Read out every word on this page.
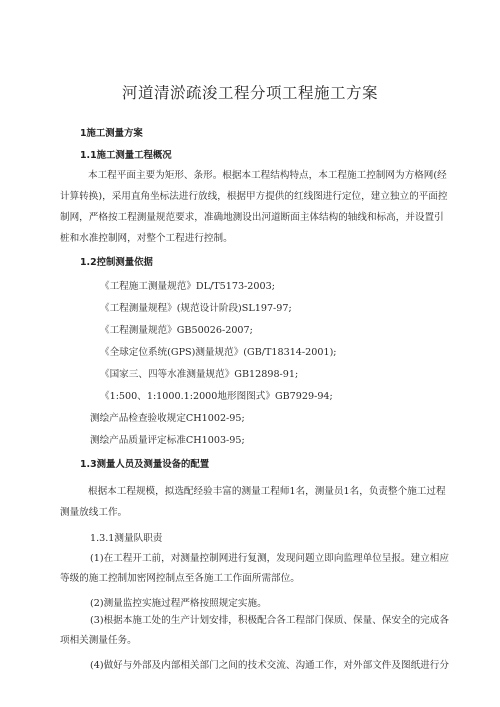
河道清淤疏浚工程分项工程施工方案
1施工测量方案
1.1施工测量工程概况
本工程平面主要为矩形、条形。根据本工程结构特点，本工程施工控制网为方格网(经计算转换)，采用直角坐标法进行放线，根据甲方提供的红线图进行定位，建立独立的平面控制网，严格按工程测量规范要求，准确地测设出河道断面主体结构的轴线和标高，并设置引桩和水准控制网，对整个工程进行控制。
1.2控制测量依据
《工程施工测量规范》DL/T5173-2003;
《工程测量规程》(规范设计阶段)SL197-97;
《工程测量规范》GB50026-2007;
《全球定位系统(GPS)测量规范》(GB/T18314-2001);
《国家三、四等水准测量规范》GB12898-91;
《1:500、1:1000.1:2000地形图图式》GB7929-94;
测绘产品检查验收规定CH1002-95;
测绘产品质量评定标准CH1003-95;
1.3测量人员及测量设备的配置
根据本工程规模，拟选配经验丰富的测量工程师1名，测量员1名，负责整个施工过程测量放线工作。
1.3.1测量队职责
(1)在工程开工前，对测量控制网进行复测，发现问题立即向监理单位呈报。建立相应等级的施工控制加密网控制点至各施工工作面所需部位。
(2)测量监控实施过程严格按照规定实施。
(3)根据本施工处的生产计划安排，积极配合各工程部门保质、保量、保安全的完成各项相关测量任务。
(4)做好与外部及内部相关部门之间的技术交流、沟通工作，对外部文件及图纸进行分
